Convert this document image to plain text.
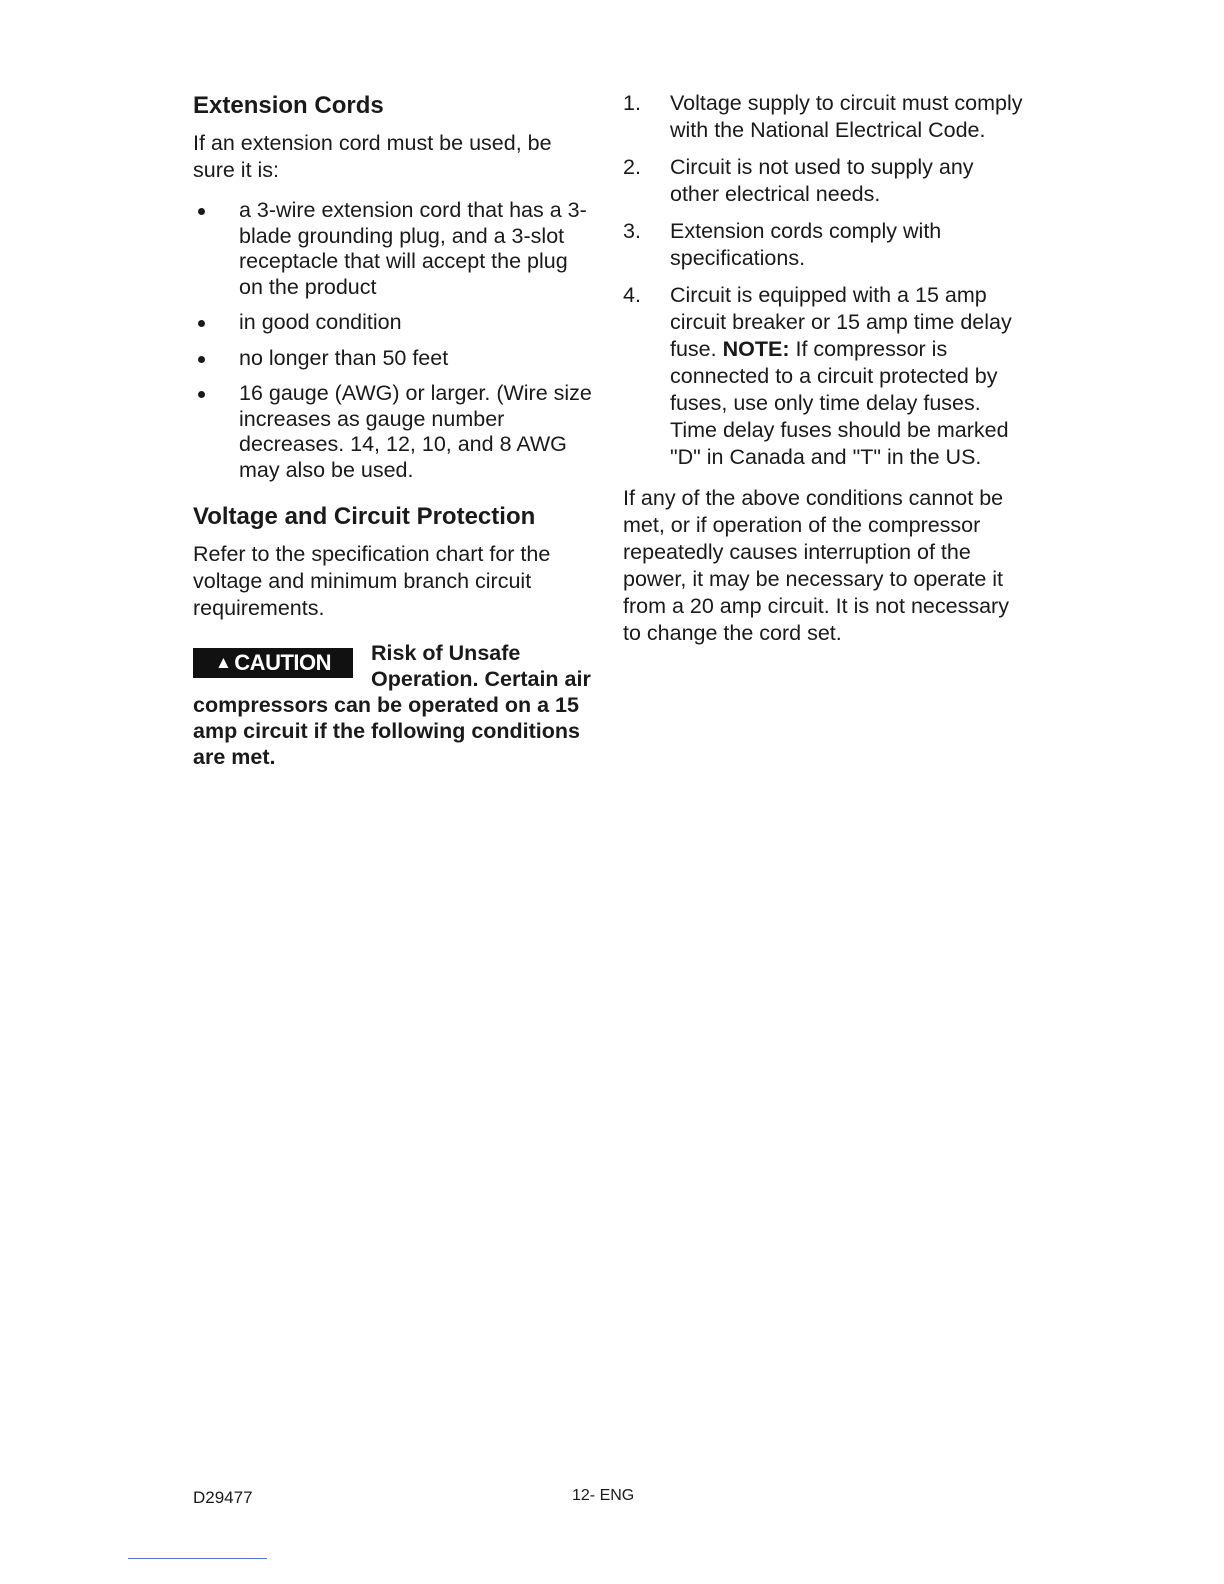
Extension Cords

If an extension cord must be used, be sure it is:

a 3-wire extension cord that has a 3-blade grounding plug, and a 3-slot receptacle that will accept the plug on the product
in good condition
no longer than 50 feet
16 gauge (AWG) or larger. (Wire size increases as gauge number decreases. 14, 12, 10, and 8 AWG may also be used.
Voltage and Circuit Protection

Refer to the specification chart for the voltage and minimum branch circuit requirements.

▲ CAUTION	Risk of Unsafe Operation. Certain air compressors can be operated on a 15 amp circuit if the following conditions are met.

1. Voltage supply to circuit must comply with the National Electrical Code.
2. Circuit is not used to supply any other electrical needs.
3. Extension cords comply with specifications.
4. Circuit is equipped with a 15 amp circuit breaker or 15 amp time delay fuse. NOTE: If compressor is connected to a circuit protected by fuses, use only time delay fuses. Time delay fuses should be marked "D" in Canada and "T" in the US.

If any of the above conditions cannot be met, or if operation of the compressor repeatedly causes interruption of the power, it may be necessary to operate it from a 20 amp circuit. It is not necessary to change the cord set.

D29477	12- ENG
